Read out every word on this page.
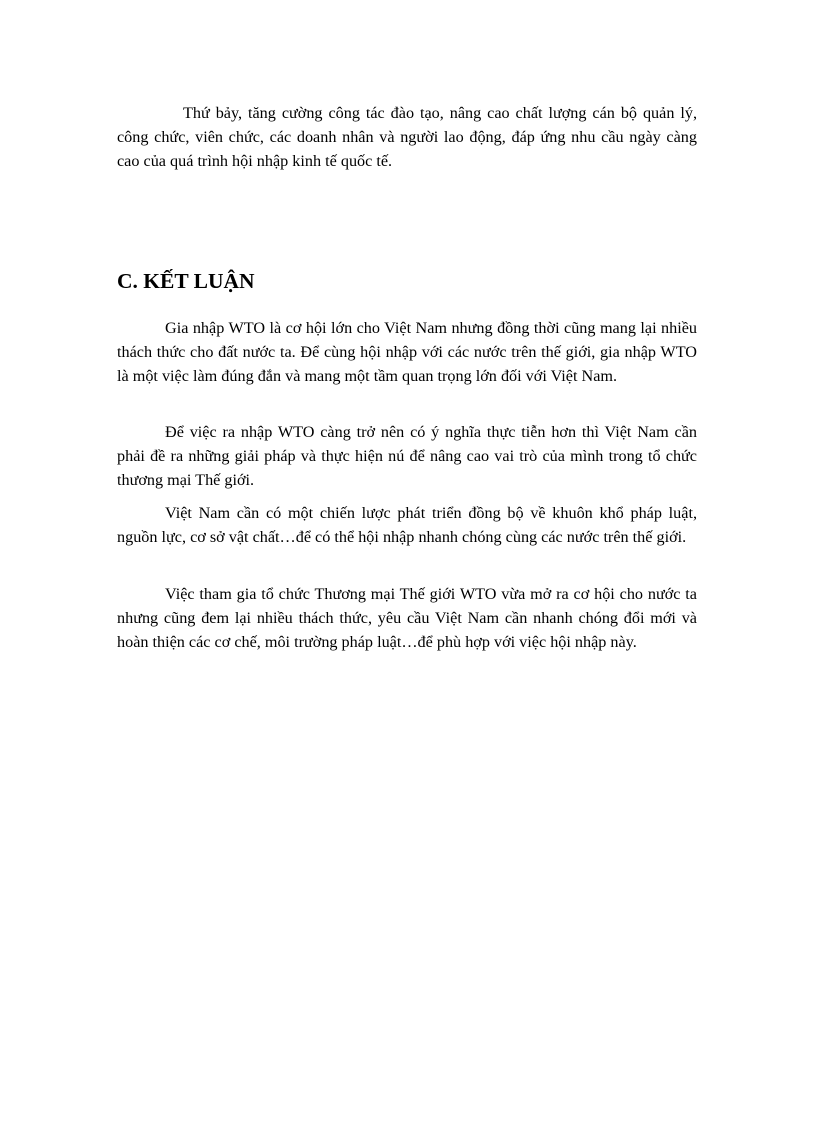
Thứ bảy, tăng cường công tác đào tạo, nâng cao chất lượng cán bộ quản lý, công chức, viên chức, các doanh nhân và người lao động, đáp ứng nhu cầu ngày càng cao của quá trình hội nhập kinh tế quốc tế.

C. KẾT LUẬN

Gia nhập WTO là cơ hội lớn cho Việt Nam nhưng đồng thời cũng mang lại nhiều thách thức cho đất nước ta. Để cùng hội nhập với các nước trên thế giới, gia nhập WTO là một việc làm đúng đắn và mang một tầm quan trọng lớn đối với Việt Nam.

Để việc ra nhập WTO càng trở nên có ý nghĩa thực tiễn hơn thì Việt Nam cần phải đề ra những giải pháp và thực hiện nú để nâng cao vai trò của mình trong tổ chức thương mại Thế giới.

Việt Nam cần có một chiến lược phát triển đồng bộ về khuôn khổ pháp luật, nguồn lực, cơ sở vật chất…để có thể hội nhập nhanh chóng cùng các nước trên thế giới.

Việc tham gia tổ chức Thương mại Thế giới WTO vừa mở ra cơ hội cho nước ta nhưng cũng đem lại nhiều thách thức, yêu cầu Việt Nam cần nhanh chóng đổi mới và hoàn thiện các cơ chế, môi trường pháp luật…để phù hợp với việc hội nhập này.
